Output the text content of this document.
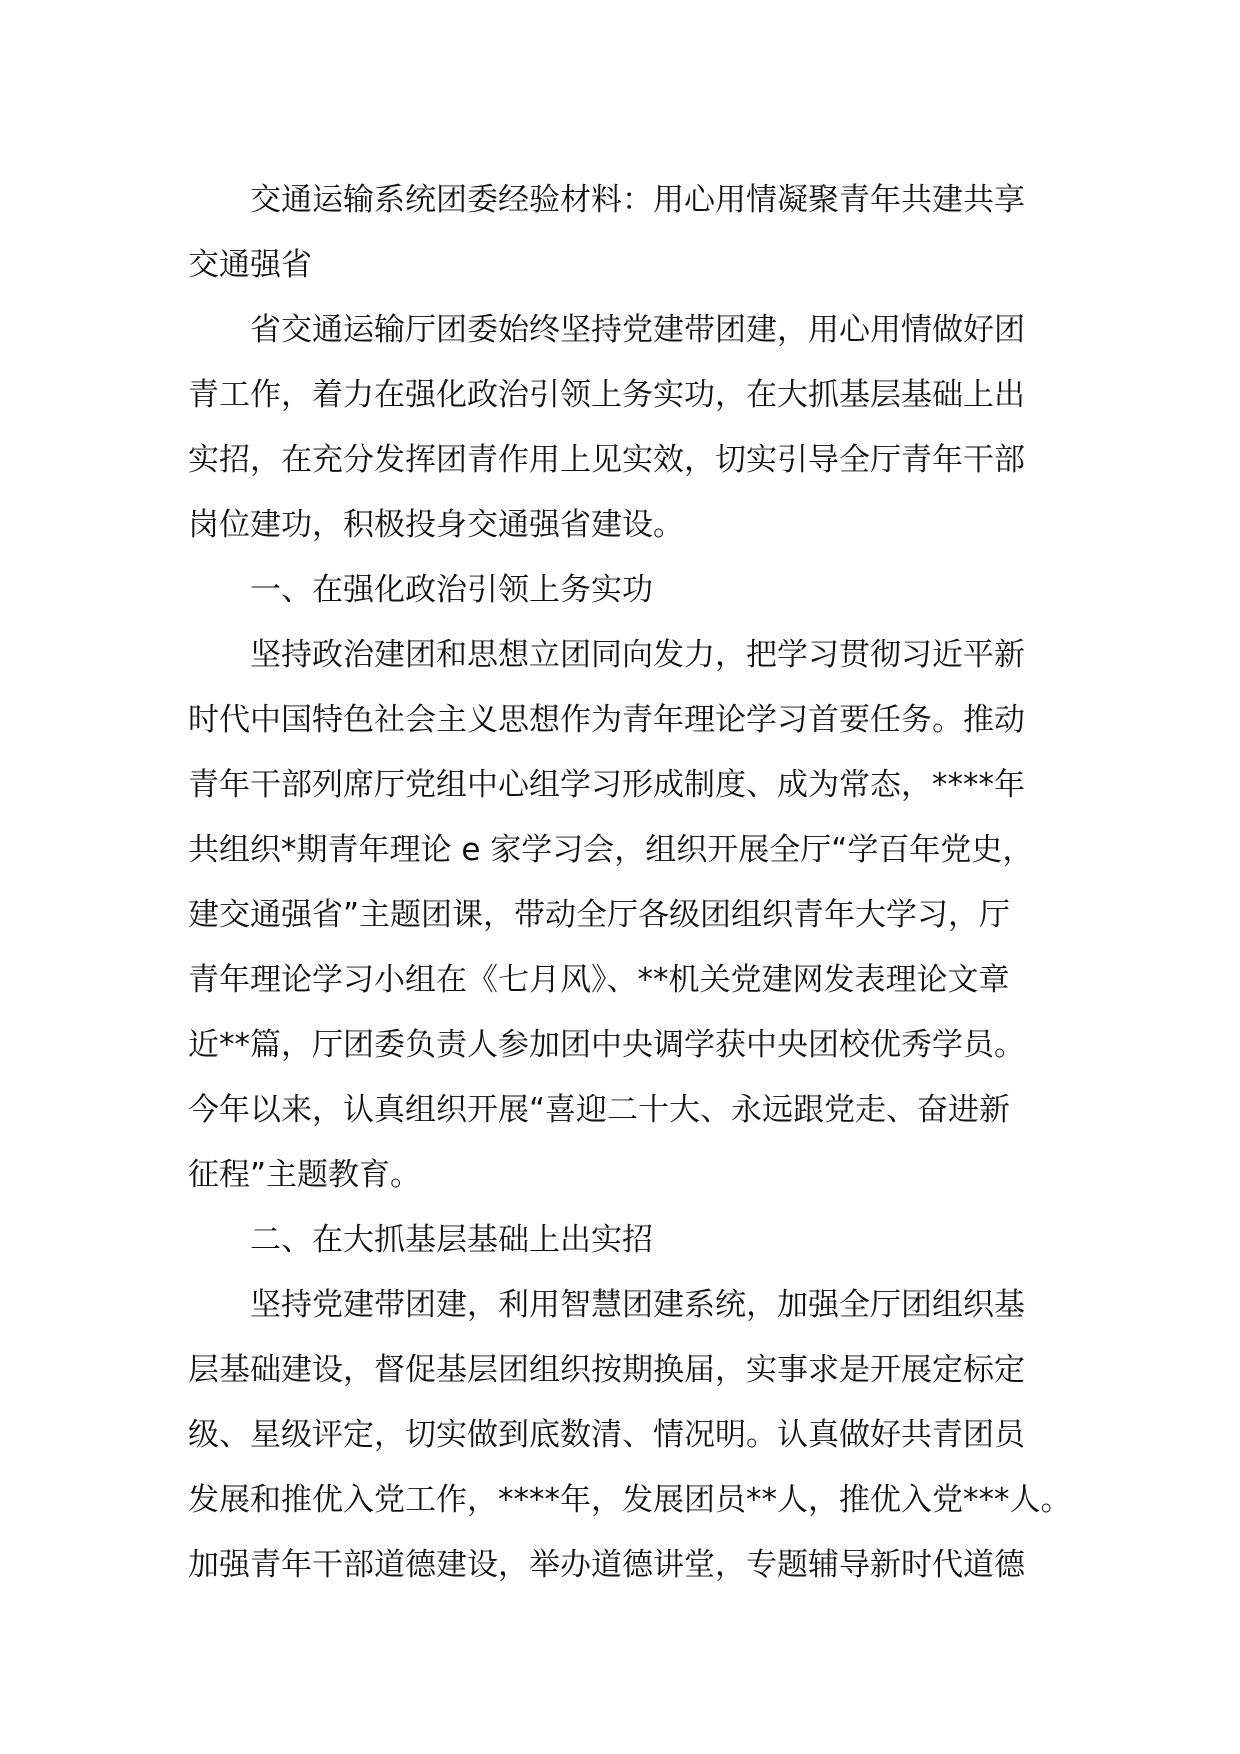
交通运输系统团委经验材料：用心用情凝聚青年共建共享
交通强省
省交通运输厅团委始终坚持党建带团建，用心用情做好团
青工作，着力在强化政治引领上务实功，在大抓基层基础上出
实招，在充分发挥团青作用上见实效，切实引导全厅青年干部
岗位建功，积极投身交通强省建设。
一、在强化政治引领上务实功
坚持政治建团和思想立团同向发力，把学习贯彻习近平新
时代中国特色社会主义思想作为青年理论学习首要任务。推动
青年干部列席厅党组中心组学习形成制度、成为常态，****年
共组织*期青年理论 e 家学习会，组织开展全厅“学百年党史，
建交通强省”主题团课，带动全厅各级团组织青年大学习，厅
青年理论学习小组在《七月风》、**机关党建网发表理论文章
近**篇，厅团委负责人参加团中央调学获中央团校优秀学员。
今年以来，认真组织开展“喜迎二十大、永远跟党走、奋进新
征程”主题教育。
二、在大抓基层基础上出实招
坚持党建带团建，利用智慧团建系统，加强全厅团组织基
层基础建设，督促基层团组织按期换届，实事求是开展定标定
级、星级评定，切实做到底数清、情况明。认真做好共青团员
发展和推优入党工作，****年，发展团员**人，推优入党***人。
加强青年干部道德建设，举办道德讲堂，专题辅导新时代道德
